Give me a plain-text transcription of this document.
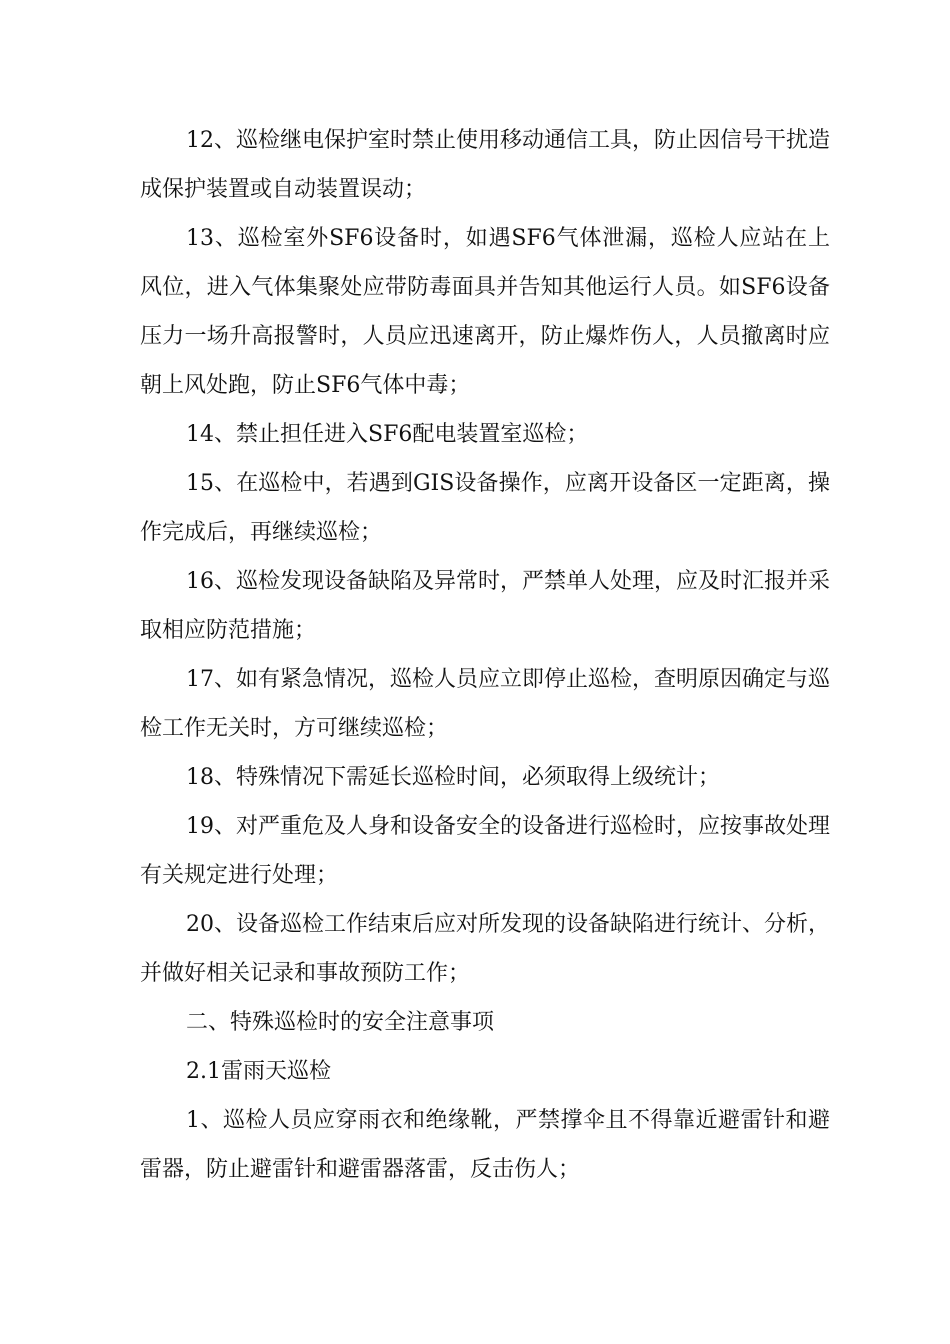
12、巡检继电保护室时禁止使用移动通信工具，防止因信号干扰造成保护装置或自动装置误动；

13、巡检室外SF6设备时，如遇SF6气体泄漏，巡检人应站在上风位，进入气体集聚处应带防毒面具并告知其他运行人员。如SF6设备压力一场升高报警时，人员应迅速离开，防止爆炸伤人，人员撤离时应朝上风处跑，防止SF6气体中毒；

14、禁止担任进入SF6配电装置室巡检；

15、在巡检中，若遇到GIS设备操作，应离开设备区一定距离，操作完成后，再继续巡检；

16、巡检发现设备缺陷及异常时，严禁单人处理，应及时汇报并采取相应防范措施；

17、如有紧急情况，巡检人员应立即停止巡检，查明原因确定与巡检工作无关时，方可继续巡检；

18、特殊情况下需延长巡检时间，必须取得上级统计；

19、对严重危及人身和设备安全的设备进行巡检时，应按事故处理有关规定进行处理；

20、设备巡检工作结束后应对所发现的设备缺陷进行统计、分析，并做好相关记录和事故预防工作；

二、特殊巡检时的安全注意事项

2.1雷雨天巡检

1、巡检人员应穿雨衣和绝缘靴，严禁撑伞且不得靠近避雷针和避雷器，防止避雷针和避雷器落雷，反击伤人；
